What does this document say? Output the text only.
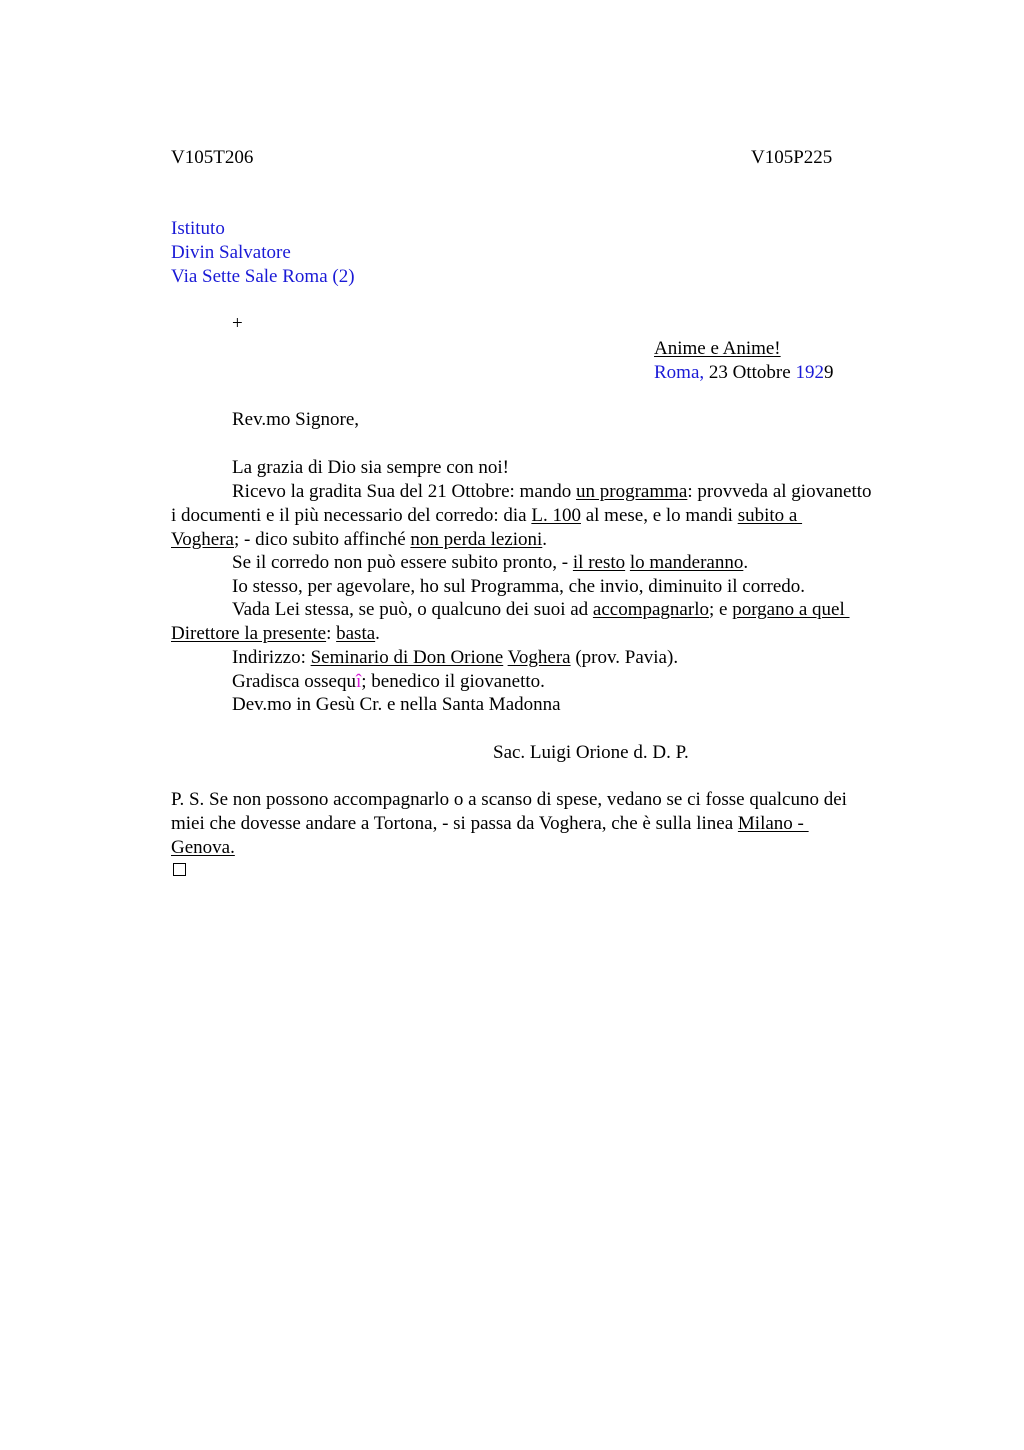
V105T206	V105P225
Istituto
Divin Salvatore
Via Sette Sale Roma (2)
+
Anime e Anime!
Roma, 23 Ottobre 1929
Rev.mo Signore,
La grazia di Dio sia sempre con noi!
Ricevo la gradita Sua del 21 Ottobre: mando un programma: provveda al giovanetto
i documenti e il più necessario del corredo: dia L. 100 al mese, e lo mandi subito a
Voghera; - dico subito affinché non perda lezioni.
Se il corredo non può essere subito pronto, - il resto lo manderanno.
Io stesso, per agevolare, ho sul Programma, che invio, diminuito il corredo.
Vada Lei stessa, se può, o qualcuno dei suoi ad accompagnarlo; e porgano a quel
Direttore la presente: basta.
Indirizzo: Seminario di Don Orione Voghera (prov. Pavia).
Gradisca ossequî; benedico il giovanetto.
Dev.mo in Gesù Cr. e nella Santa Madonna
Sac. Luigi Orione d. D. P.
P. S. Se non possono accompagnarlo o a scanso di spese, vedano se ci fosse qualcuno dei
miei che dovesse andare a Tortona, - si passa da Voghera, che è sulla linea Milano -
Genova.
